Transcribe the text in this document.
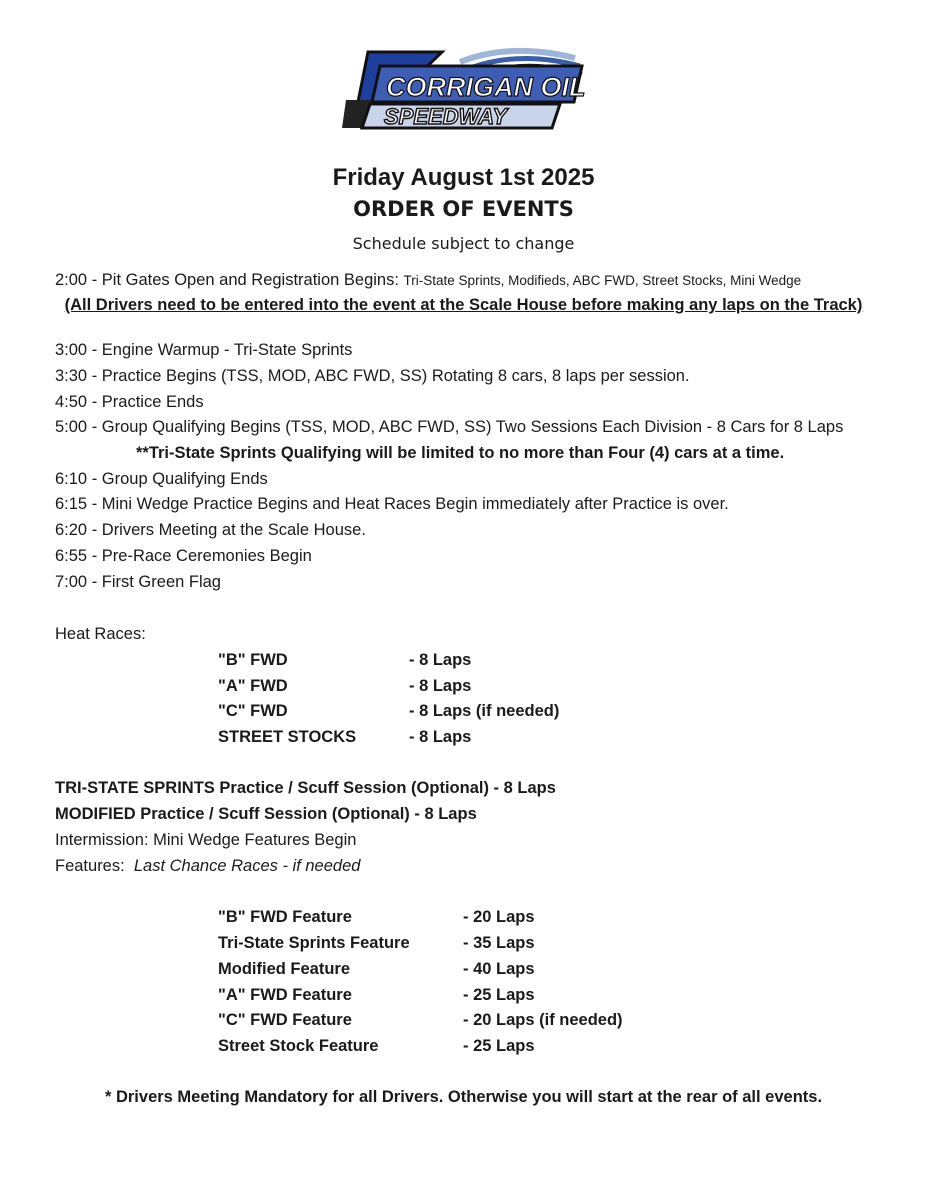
CORRIGAN OIL
SPEEDWAY
Friday August 1st 2025
ORDER OF EVENTS
Schedule subject to change
2:00 - Pit Gates Open and Registration Begins: Tri-State Sprints, Modifieds, ABC FWD, Street Stocks, Mini Wedge
(All Drivers need to be entered into the event at the Scale House before making any laps on the Track)
3:00 - Engine Warmup - Tri-State Sprints
3:30 - Practice Begins (TSS, MOD, ABC FWD, SS) Rotating 8 cars, 8 laps per session.
4:50 - Practice Ends
5:00 - Group Qualifying Begins (TSS, MOD, ABC FWD, SS) Two Sessions Each Division - 8 Cars for 8 Laps
**Tri-State Sprints Qualifying will be limited to no more than Four (4) cars at a time.
6:10 - Group Qualifying Ends
6:15 - Mini Wedge Practice Begins and Heat Races Begin immediately after Practice is over.
6:20 - Drivers Meeting at the Scale House.
6:55 - Pre-Race Ceremonies Begin
7:00 - First Green Flag
Heat Races:
"B" FWD	- 8 Laps
"A" FWD	- 8 Laps
"C" FWD	- 8 Laps (if needed)
STREET STOCKS	- 8 Laps
TRI-STATE SPRINTS Practice / Scuff Session (Optional) - 8 Laps
MODIFIED Practice / Scuff Session (Optional) - 8 Laps
Intermission: Mini Wedge Features Begin
Features: Last Chance Races - if needed
"B" FWD Feature	- 20 Laps
Tri-State Sprints Feature	- 35 Laps
Modified Feature	- 40 Laps
"A" FWD Feature	- 25 Laps
"C" FWD Feature	- 20 Laps (if needed)
Street Stock Feature	- 25 Laps
* Drivers Meeting Mandatory for all Drivers. Otherwise you will start at the rear of all events.
